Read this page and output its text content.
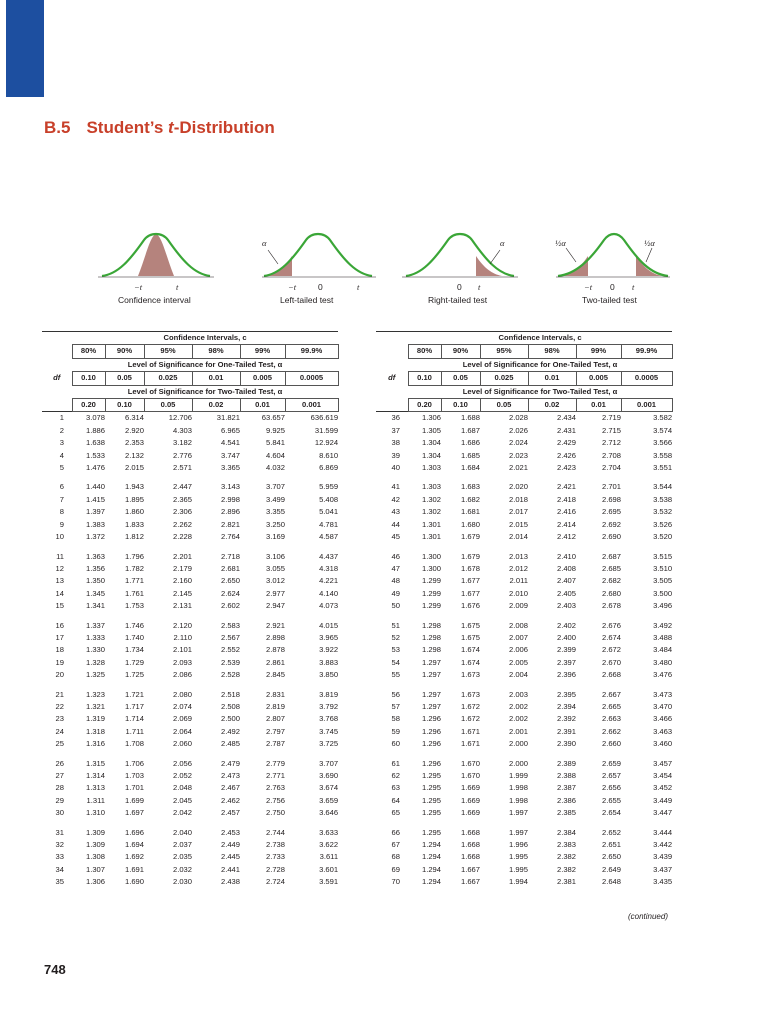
B.5 Student’s t-Distribution
−t	t
Confidence interval
α
−t	0	t
Left-tailed test
α
0 t
Right-tailed test
½α	½α
−t 0 t
Two-tailed test
	Confidence Intervals, c					
	80%	90%	95%	98%	99%	99.9%
	Level of Significance for One-Tailed Test, α					
df	0.10	0.05	0.025	0.01	0.005	0.0005
	Level of Significance for Two-Tailed Test, α					
	0.20	0.10	0.05	0.02	0.01	0.001
1	3.078	6.314	12.706	31.821	63.657	636.619
2	1.886	2.920	4.303	6.965	9.925	31.599
3	1.638	2.353	3.182	4.541	5.841	12.924
4	1.533	2.132	2.776	3.747	4.604	8.610
5	1.476	2.015	2.571	3.365	4.032	6.869

6	1.440	1.943	2.447	3.143	3.707	5.959
7	1.415	1.895	2.365	2.998	3.499	5.408
8	1.397	1.860	2.306	2.896	3.355	5.041
9	1.383	1.833	2.262	2.821	3.250	4.781
10	1.372	1.812	2.228	2.764	3.169	4.587

11	1.363	1.796	2.201	2.718	3.106	4.437
12	1.356	1.782	2.179	2.681	3.055	4.318
13	1.350	1.771	2.160	2.650	3.012	4.221
14	1.345	1.761	2.145	2.624	2.977	4.140
15	1.341	1.753	2.131	2.602	2.947	4.073

16	1.337	1.746	2.120	2.583	2.921	4.015
17	1.333	1.740	2.110	2.567	2.898	3.965
18	1.330	1.734	2.101	2.552	2.878	3.922
19	1.328	1.729	2.093	2.539	2.861	3.883
20	1.325	1.725	2.086	2.528	2.845	3.850

21	1.323	1.721	2.080	2.518	2.831	3.819
22	1.321	1.717	2.074	2.508	2.819	3.792
23	1.319	1.714	2.069	2.500	2.807	3.768
24	1.318	1.711	2.064	2.492	2.797	3.745
25	1.316	1.708	2.060	2.485	2.787	3.725

26	1.315	1.706	2.056	2.479	2.779	3.707
27	1.314	1.703	2.052	2.473	2.771	3.690
28	1.313	1.701	2.048	2.467	2.763	3.674
29	1.311	1.699	2.045	2.462	2.756	3.659
30	1.310	1.697	2.042	2.457	2.750	3.646

31	1.309	1.696	2.040	2.453	2.744	3.633
32	1.309	1.694	2.037	2.449	2.738	3.622
33	1.308	1.692	2.035	2.445	2.733	3.611
34	1.307	1.691	2.032	2.441	2.728	3.601
35	1.306	1.690	2.030	2.438	2.724	3.591
	Confidence Intervals, c					
	80%	90%	95%	98%	99%	99.9%
	Level of Significance for One-Tailed Test, α					
df	0.10	0.05	0.025	0.01	0.005	0.0005
	Level of Significance for Two-Tailed Test, α					
	0.20	0.10	0.05	0.02	0.01	0.001
36	1.306	1.688	2.028	2.434	2.719	3.582
37	1.305	1.687	2.026	2.431	2.715	3.574
38	1.304	1.686	2.024	2.429	2.712	3.566
39	1.304	1.685	2.023	2.426	2.708	3.558
40	1.303	1.684	2.021	2.423	2.704	3.551

41	1.303	1.683	2.020	2.421	2.701	3.544
42	1.302	1.682	2.018	2.418	2.698	3.538
43	1.302	1.681	2.017	2.416	2.695	3.532
44	1.301	1.680	2.015	2.414	2.692	3.526
45	1.301	1.679	2.014	2.412	2.690	3.520

46	1.300	1.679	2.013	2.410	2.687	3.515
47	1.300	1.678	2.012	2.408	2.685	3.510
48	1.299	1.677	2.011	2.407	2.682	3.505
49	1.299	1.677	2.010	2.405	2.680	3.500
50	1.299	1.676	2.009	2.403	2.678	3.496

51	1.298	1.675	2.008	2.402	2.676	3.492
52	1.298	1.675	2.007	2.400	2.674	3.488
53	1.298	1.674	2.006	2.399	2.672	3.484
54	1.297	1.674	2.005	2.397	2.670	3.480
55	1.297	1.673	2.004	2.396	2.668	3.476

56	1.297	1.673	2.003	2.395	2.667	3.473
57	1.297	1.672	2.002	2.394	2.665	3.470
58	1.296	1.672	2.002	2.392	2.663	3.466
59	1.296	1.671	2.001	2.391	2.662	3.463
60	1.296	1.671	2.000	2.390	2.660	3.460

61	1.296	1.670	2.000	2.389	2.659	3.457
62	1.295	1.670	1.999	2.388	2.657	3.454
63	1.295	1.669	1.998	2.387	2.656	3.452
64	1.295	1.669	1.998	2.386	2.655	3.449
65	1.295	1.669	1.997	2.385	2.654	3.447

66	1.295	1.668	1.997	2.384	2.652	3.444
67	1.294	1.668	1.996	2.383	2.651	3.442
68	1.294	1.668	1.995	2.382	2.650	3.439
69	1.294	1.667	1.995	2.382	2.649	3.437
70	1.294	1.667	1.994	2.381	2.648	3.435
(continued)
748
